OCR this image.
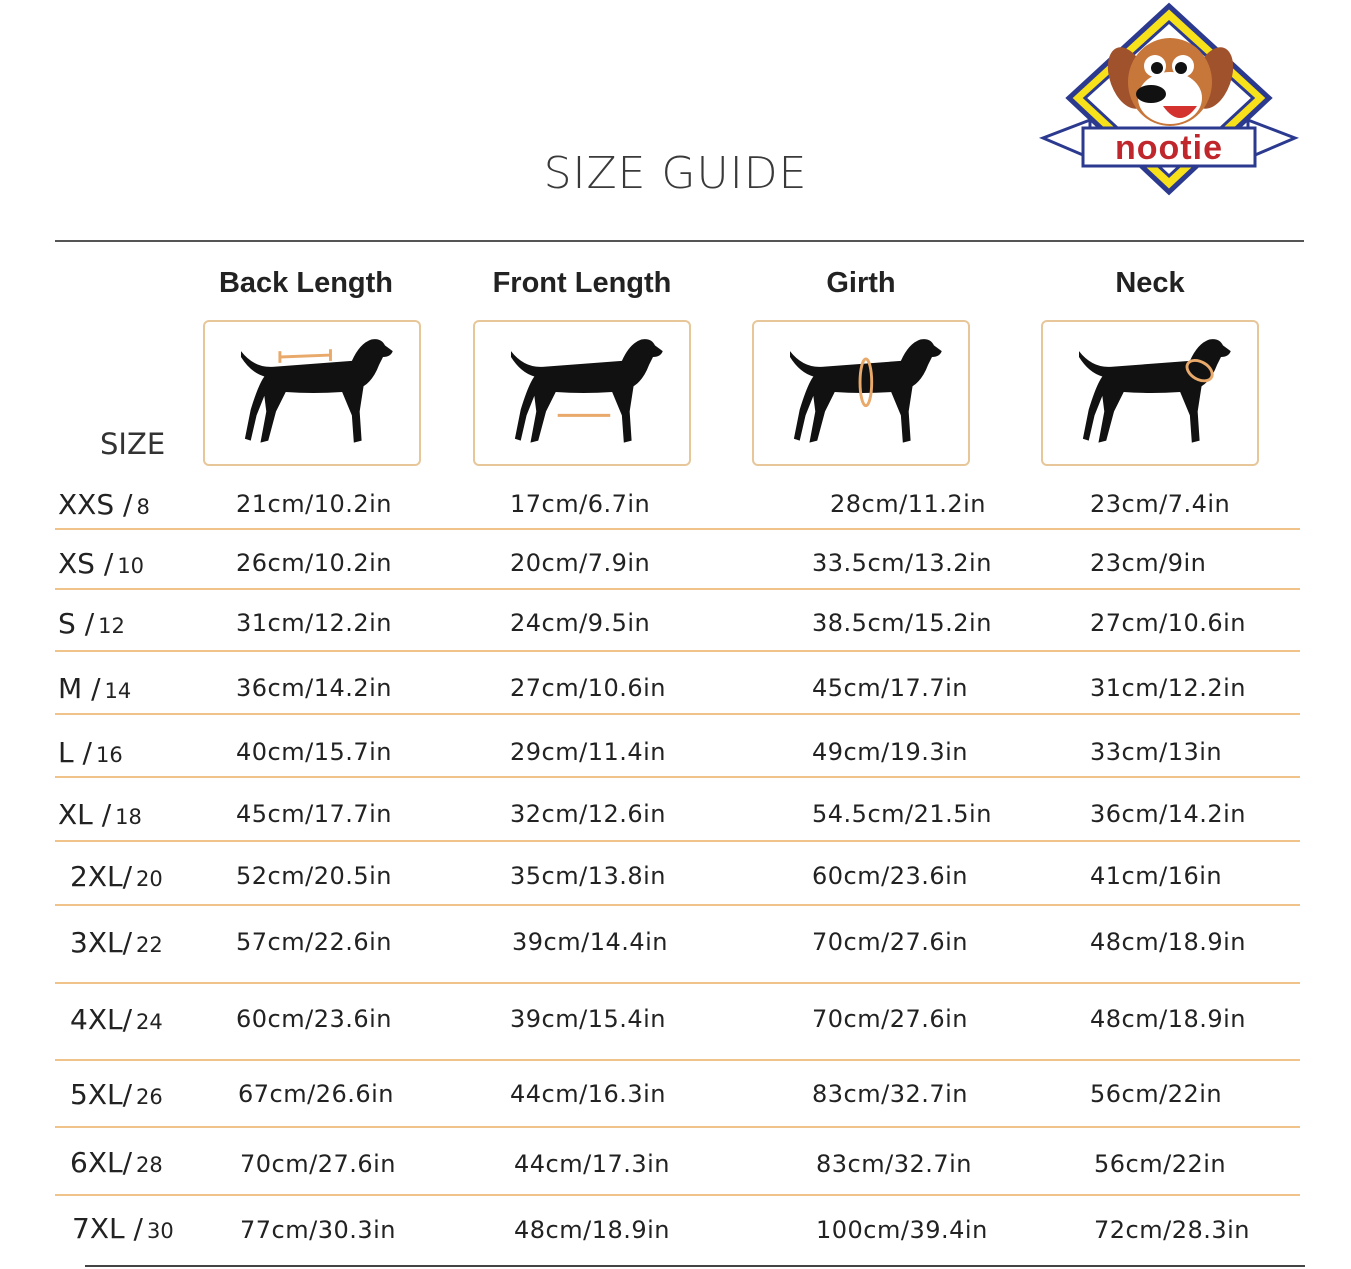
nootie
SIZE GUIDE
Back Length	Front Length	Girth	Neck
SIZE
XXS / 8	21cm/10.2in	17cm/6.7in	28cm/11.2in	23cm/7.4in
XS / 10	26cm/10.2in	20cm/7.9in	33.5cm/13.2in	23cm/9in
S / 12	31cm/12.2in	24cm/9.5in	38.5cm/15.2in	27cm/10.6in
M / 14	36cm/14.2in	27cm/10.6in	45cm/17.7in	31cm/12.2in
L / 16	40cm/15.7in	29cm/11.4in	49cm/19.3in	33cm/13in
XL / 18	45cm/17.7in	32cm/12.6in	54.5cm/21.5in	36cm/14.2in
2XL/ 20	52cm/20.5in	35cm/13.8in	60cm/23.6in	41cm/16in
3XL/ 22	57cm/22.6in	39cm/14.4in	70cm/27.6in	48cm/18.9in
4XL/ 24	60cm/23.6in	39cm/15.4in	70cm/27.6in	48cm/18.9in
5XL/ 26	67cm/26.6in	44cm/16.3in	83cm/32.7in	56cm/22in
6XL/ 28	70cm/27.6in	44cm/17.3in	83cm/32.7in	56cm/22in
7XL / 30	77cm/30.3in	48cm/18.9in	100cm/39.4in	72cm/28.3in
